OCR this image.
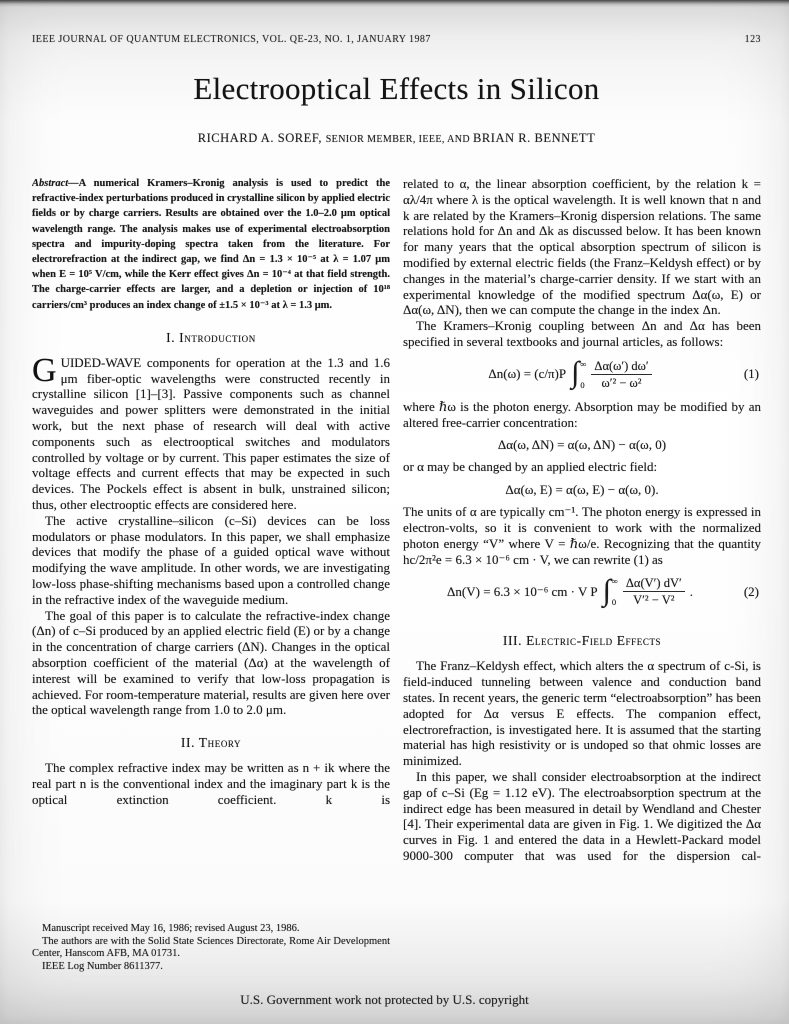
IEEE JOURNAL OF QUANTUM ELECTRONICS, VOL. QE-23, NO. 1, JANUARY 1987	123
Electrooptical Effects in Silicon
RICHARD A. SOREF, SENIOR MEMBER, IEEE, AND BRIAN R. BENNETT

Abstract—A numerical Kramers–Kronig analysis is used to predict the refractive-index perturbations produced in crystalline silicon by applied electric fields or by charge carriers. Results are obtained over the 1.0–2.0 μm optical wavelength range. The analysis makes use of experimental electroabsorption spectra and impurity-doping spectra taken from the literature. For electrorefraction at the indirect gap, we find Δn = 1.3 × 10⁻⁵ at λ = 1.07 μm when E = 10⁵ V/cm, while the Kerr effect gives Δn = 10⁻⁴ at that field strength. The charge-carrier effects are larger, and a depletion or injection of 10¹⁸ carriers/cm³ produces an index change of ±1.5 × 10⁻³ at λ = 1.3 μm.

I. Introduction

GUIDED-WAVE components for operation at the 1.3 and 1.6 μm fiber-optic wavelengths were constructed recently in crystalline silicon [1]–[3]. Passive components such as channel waveguides and power splitters were demonstrated in the initial work, but the next phase of research will deal with active components such as electrooptical switches and modulators controlled by voltage or by current. This paper estimates the size of voltage effects and current effects that may be expected in such devices. The Pockels effect is absent in bulk, unstrained silicon; thus, other electrooptic effects are considered here.

The active crystalline–silicon (c–Si) devices can be loss modulators or phase modulators. In this paper, we shall emphasize devices that modify the phase of a guided optical wave without modifying the wave amplitude. In other words, we are investigating low-loss phase-shifting mechanisms based upon a controlled change in the refractive index of the waveguide medium.

The goal of this paper is to calculate the refractive-index change (Δn) of c–Si produced by an applied electric field (E) or by a change in the concentration of charge carriers (ΔN). Changes in the optical absorption coefficient of the material (Δα) at the wavelength of interest will be examined to verify that low-loss propagation is achieved. For room-temperature material, results are given here over the optical wavelength range from 1.0 to 2.0 μm.

II. Theory

The complex refractive index may be written as n + ik where the real part n is the conventional index and the imaginary part k is the optical extinction coefficient. k is

Manuscript received May 16, 1986; revised August 23, 1986.

The authors are with the Solid State Sciences Directorate, Rome Air Development Center, Hanscom AFB, MA 01731.

IEEE Log Number 8611377.

related to α, the linear absorption coefficient, by the relation k = αλ/4π where λ is the optical wavelength. It is well known that n and k are related by the Kramers–Kronig dispersion relations. The same relations hold for Δn and Δk as discussed below. It has been known for many years that the optical absorption spectrum of silicon is modified by external electric fields (the Franz–Keldysh effect) or by changes in the material’s charge-carrier density. If we start with an experimental knowledge of the modified spectrum Δα(ω, E) or Δα(ω, ΔN), then we can compute the change in the index Δn.

The Kramers–Kronig coupling between Δn and Δα has been specified in several textbooks and journal articles, as follows:

Δn(ω) = (c/π)P ∫ ∞
$0 \frac{\Delta\alpha(\omega') d\omega'}{\text{ω′² − ω²}}$	(1)

where ℏω is the photon energy. Absorption may be modified by an altered free-carrier concentration:

Δα(ω, ΔN) = α(ω, ΔN) − α(ω, 0)

or α may be changed by an applied electric field:

Δα(ω, E) = α(ω, E) − α(ω, 0).

The units of α are typically cm⁻¹. The photon energy is expressed in electron-volts, so it is convenient to work with the normalized photon energy “V” where V = ℏω/e. Recognizing that the quantity hc/2π²e = 6.3 × 10⁻⁶ cm · V, we can rewrite (1) as

Δn(V) = 6.3 × 10⁻⁶ cm · V P ∫ ∞
$0 \frac{\Delta\alpha(V') dV'}{\text{V′² − V²}}$ .	(2)
III. Electric-Field Effects

The Franz–Keldysh effect, which alters the α spectrum of c-Si, is field-induced tunneling between valence and conduction band states. In recent years, the generic term “electroabsorption” has been adopted for Δα versus E effects. The companion effect, electrorefraction, is investigated here. It is assumed that the starting material has high resistivity or is undoped so that ohmic losses are minimized.

In this paper, we shall consider electroabsorption at the indirect gap of c–Si (Eg = 1.12 eV). The electroabsorption spectrum at the indirect edge has been measured in detail by Wendland and Chester [4]. Their experimental data are given in Fig. 1. We digitized the Δα curves in Fig. 1 and entered the data in a Hewlett-Packard model 9000-300 computer that was used for the dispersion cal-

U.S. Government work not protected by U.S. copyright
